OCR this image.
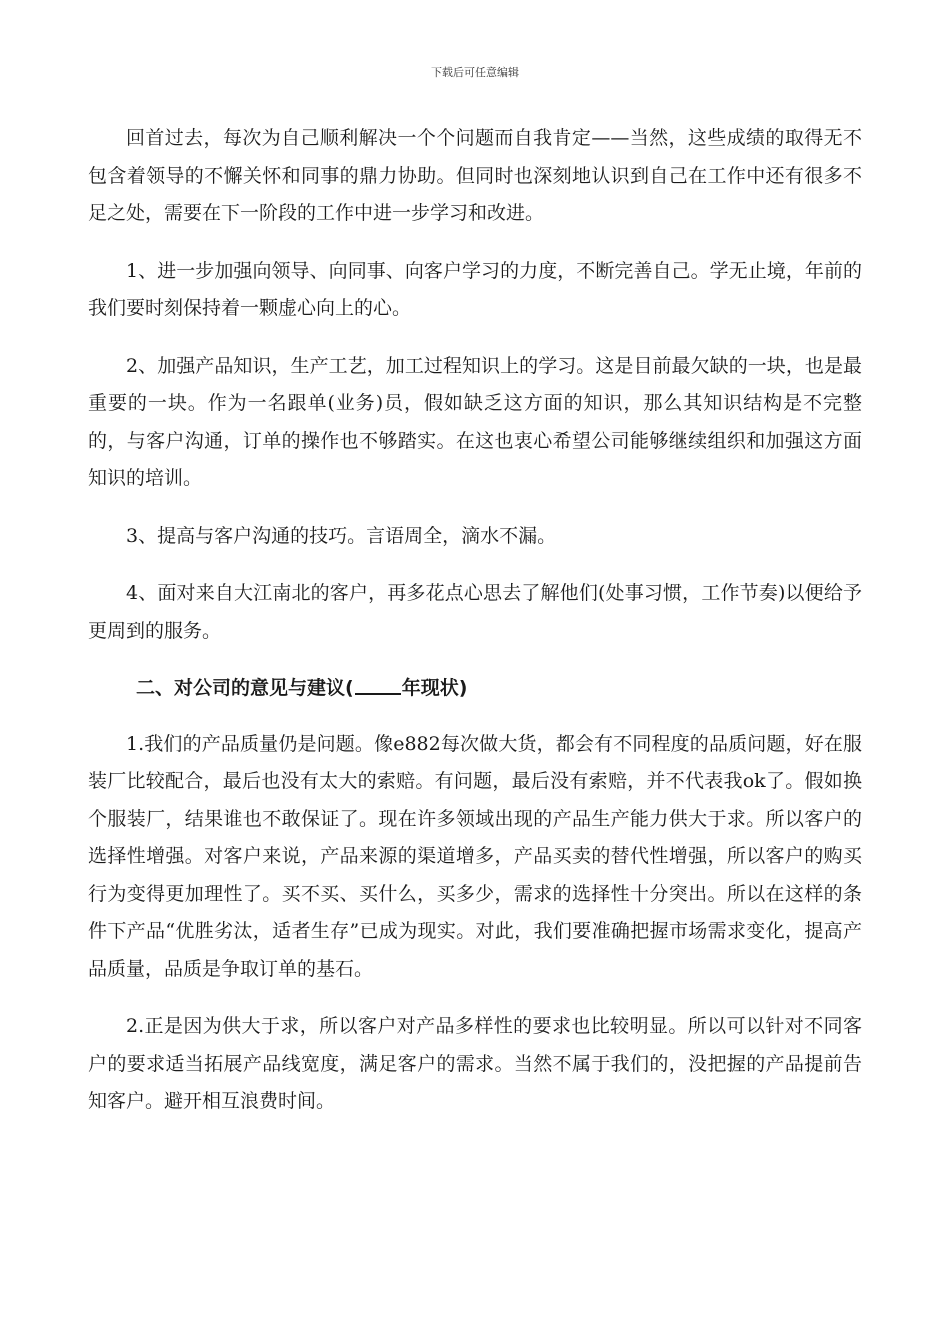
下载后可任意编辑

回首过去，每次为自己顺利解决一个个问题而自我肯定——当然，这些成绩的取得无不包含着领导的不懈关怀和同事的鼎力协助。但同时也深刻地认识到自己在工作中还有很多不足之处，需要在下一阶段的工作中进一步学习和改进。

1、进一步加强向领导、向同事、向客户学习的力度，不断完善自己。学无止境，年前的我们要时刻保持着一颗虚心向上的心。

2、加强产品知识，生产工艺，加工过程知识上的学习。这是目前最欠缺的一块，也是最重要的一块。作为一名跟单(业务)员，假如缺乏这方面的知识，那么其知识结构是不完整的，与客户沟通，订单的操作也不够踏实。在这也衷心希望公司能够继续组织和加强这方面知识的培训。

3、提高与客户沟通的技巧。言语周全，滴水不漏。

4、面对来自大江南北的客户，再多花点心思去了解他们(处事习惯，工作节奏)以便给予更周到的服务。

二、对公司的意见与建议(	年现状)

1.我们的产品质量仍是问题。像e882每次做大货，都会有不同程度的品质问题，好在服装厂比较配合，最后也没有太大的索赔。有问题，最后没有索赔，并不代表我ok了。假如换个服装厂，结果谁也不敢保证了。现在许多领域出现的产品生产能力供大于求。所以客户的选择性增强。对客户来说，产品来源的渠道增多，产品买卖的替代性增强，所以客户的购买行为变得更加理性了。买不买、买什么，买多少，需求的选择性十分突出。所以在这样的条件下产品“优胜劣汰，适者生存”已成为现实。对此，我们要准确把握市场需求变化，提高产品质量，品质是争取订单的基石。

2.正是因为供大于求，所以客户对产品多样性的要求也比较明显。所以可以针对不同客户的要求适当拓展产品线宽度，满足客户的需求。当然不属于我们的，没把握的产品提前告知客户。避开相互浪费时间。
